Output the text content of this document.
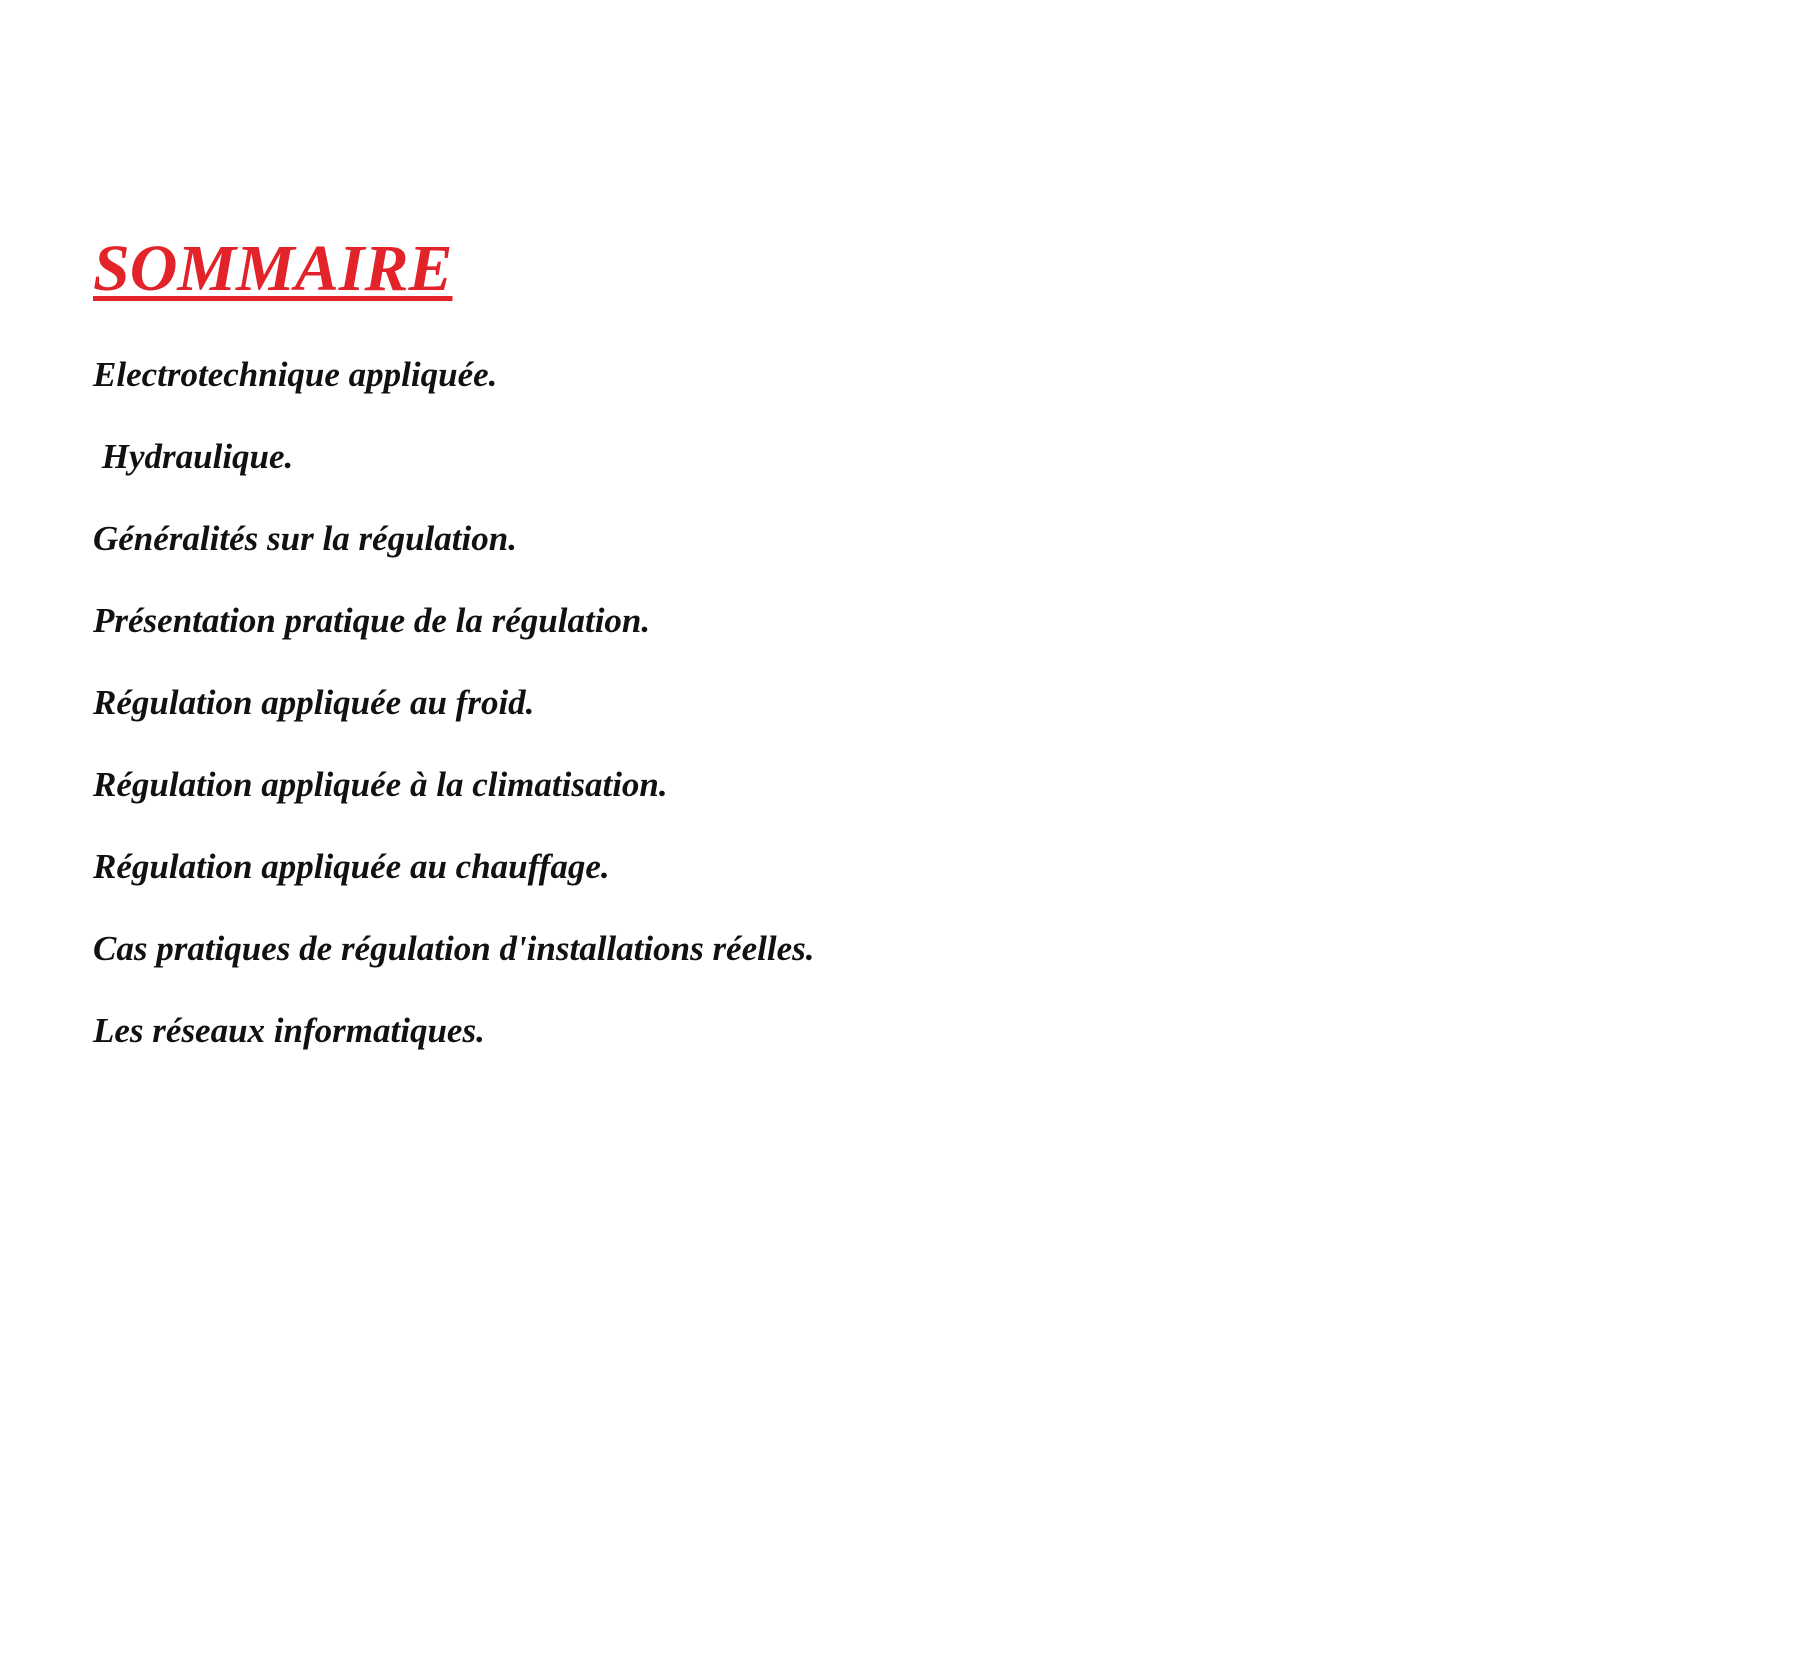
SOMMAIRE
Electrotechnique appliquée.
Hydraulique.
Généralités sur la régulation.
Présentation pratique de la régulation.
Régulation appliquée au froid.
Régulation appliquée à la climatisation.
Régulation appliquée au chauffage.
Cas pratiques de régulation d'installations réelles.
Les réseaux informatiques.
